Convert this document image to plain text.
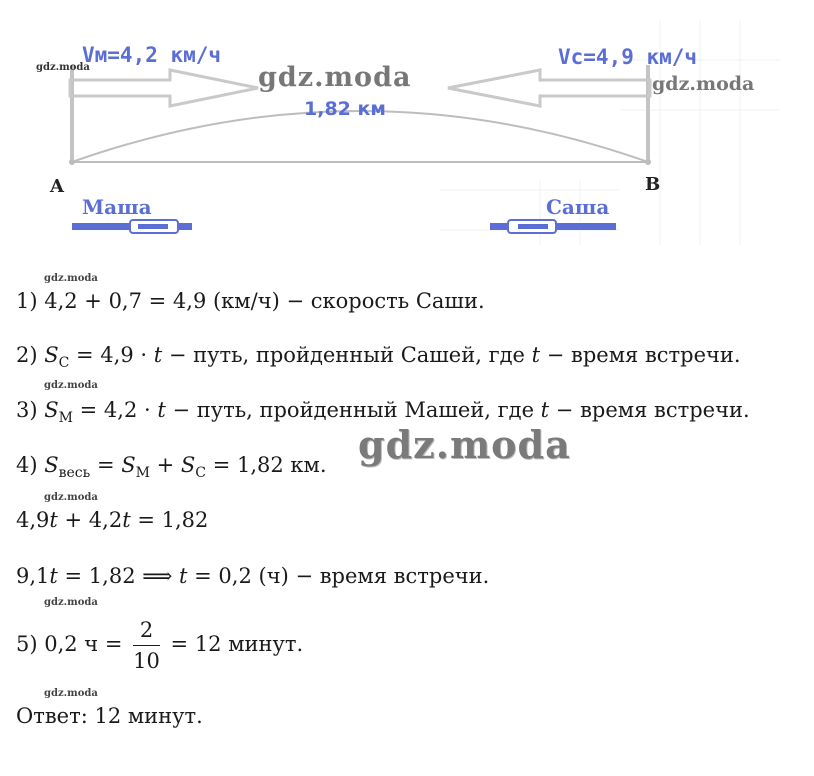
Vм=4,2 км/ч	Vс=4,9 км/ч
1,82 км
A	B
Маша	Саша
gdz.moda	gdz.moda	gdz.moda
gdz.moda
1) 4,2 + 0,7 = 4,9 (км/ч) − скорость Саши.
2) $S_С = 4,9 \cdot t$ − путь, пройденный Сашей, где t − время встречи.
gdz.moda
3) $S_М = 4,2 \cdot t$ − путь, пройденный Машей, где t − время встречи.
4) $S_{весь} = S_М + S_С = 1,82$ км. gdz.moda
gdz.moda
4,9t + 4,2t = 1,82
9,1t = 1,82 ⟹ t = 0,2 (ч) − время встречи.
gdz.moda
5) 0,2 $ч = \frac{2}{10} = 12$ минут.
gdz.moda
Ответ: 12 минут.
